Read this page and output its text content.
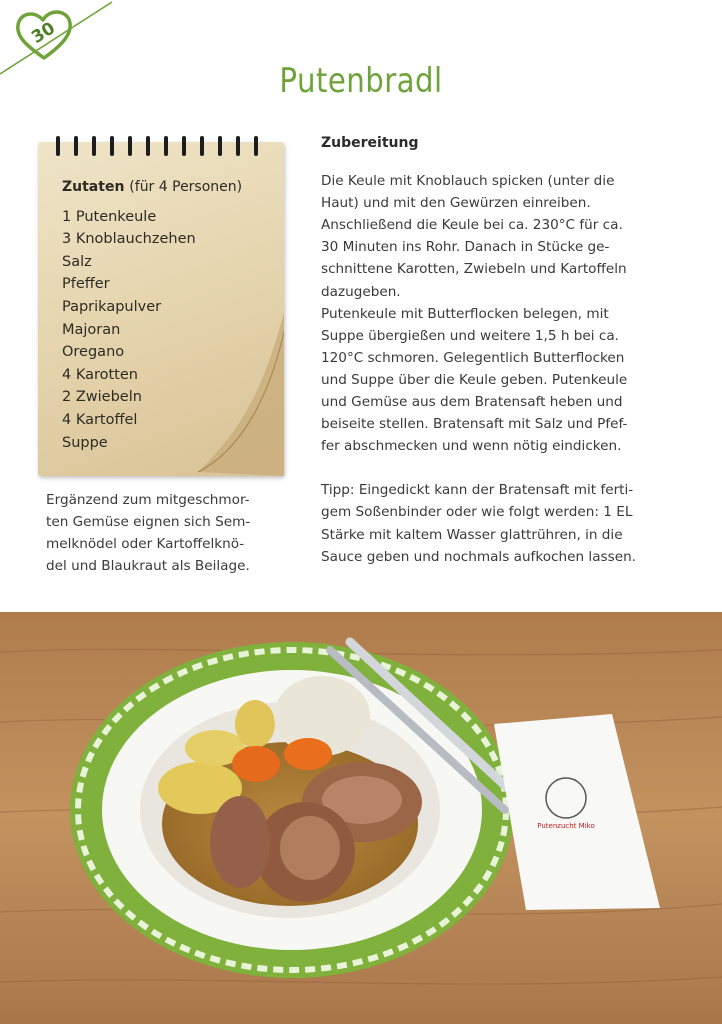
30
Putenbradl
Zutaten (für 4 Personen)
1 Putenkeule
3 Knoblauchzehen
Salz
Pfeffer
Paprikapulver
Majoran
Oregano
4 Karotten
2 Zwiebeln
4 Kartoffel
Suppe
Ergänzend zum mitgeschmor-
ten Gemüse eignen sich Sem-
melknödel oder Kartoffelknö-
del und Blaukraut als Beilage.
Zubereitung
Die Keule mit Knoblauch spicken (unter die
Haut) und mit den Gewürzen einreiben.
Anschließend die Keule bei ca. 230°C für ca.
30 Minuten ins Rohr. Danach in Stücke ge-
schnittene Karotten, Zwiebeln und Kartoffeln
dazugeben.
Putenkeule mit Butterflocken belegen, mit
Suppe übergießen und weitere 1,5 h bei ca.
120°C schmoren. Gelegentlich Butterflocken
und Suppe über die Keule geben. Putenkeule
und Gemüse aus dem Bratensaft heben und
beiseite stellen. Bratensaft mit Salz und Pfef-
fer abschmecken und wenn nötig eindicken.
Tipp: Eingedickt kann der Bratensaft mit ferti-
gem Soßenbinder oder wie folgt werden: 1 EL
Stärke mit kaltem Wasser glattrühren, in die
Sauce geben und nochmals aufkochen lassen.
Putenzucht Miko
